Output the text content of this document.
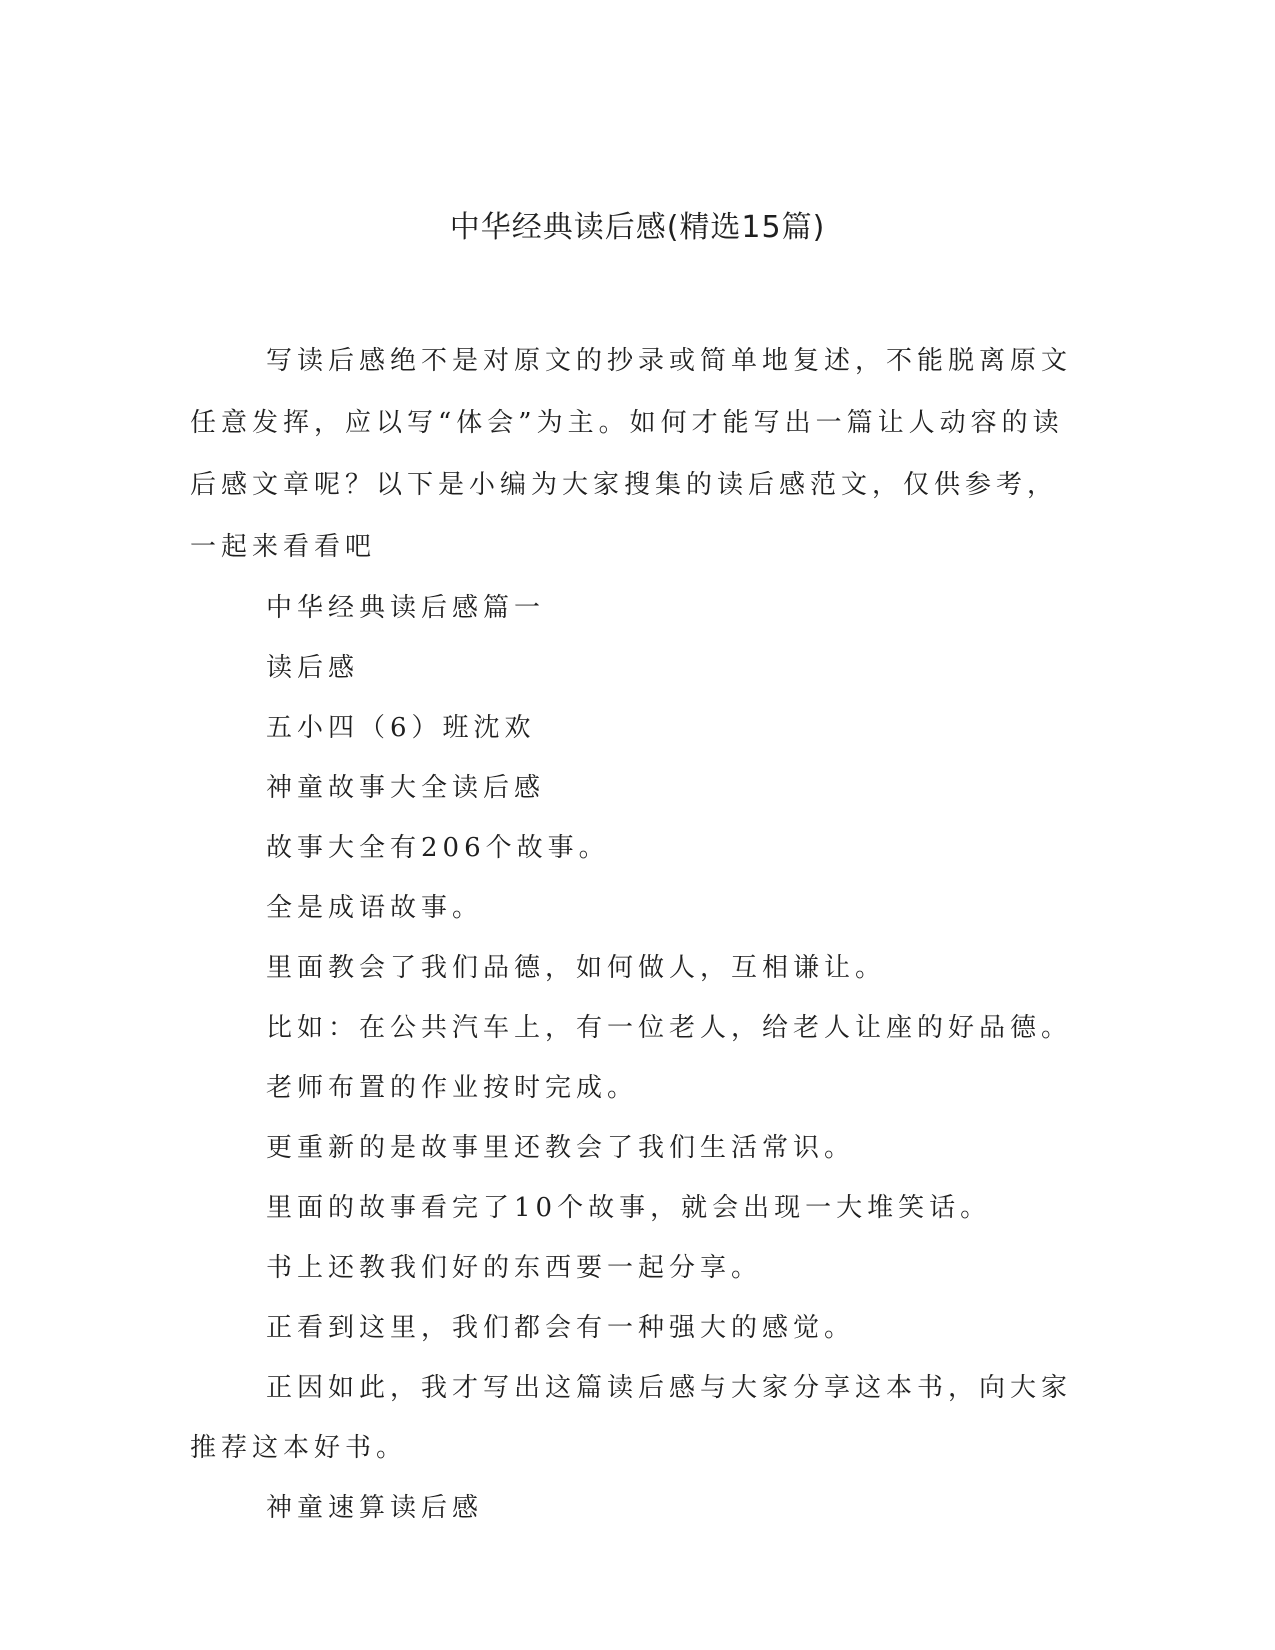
中华经典读后感(精选15篇)

写读后感绝不是对原文的抄录或简单地复述，不能脱离原文任意发挥，应以写“体会”为主。如何才能写出一篇让人动容的读后感文章呢？以下是小编为大家搜集的读后感范文，仅供参考，一起来看看吧

中华经典读后感篇一

读后感

五小四（6）班沈欢

神童故事大全读后感

故事大全有206个故事。

全是成语故事。

里面教会了我们品德，如何做人，互相谦让。

比如：在公共汽车上，有一位老人，给老人让座的好品德。

老师布置的作业按时完成。

更重新的是故事里还教会了我们生活常识。

里面的故事看完了10个故事，就会出现一大堆笑话。

书上还教我们好的东西要一起分享。

正看到这里，我们都会有一种强大的感觉。

正因如此，我才写出这篇读后感与大家分享这本书，向大家推荐这本好书。

神童速算读后感
